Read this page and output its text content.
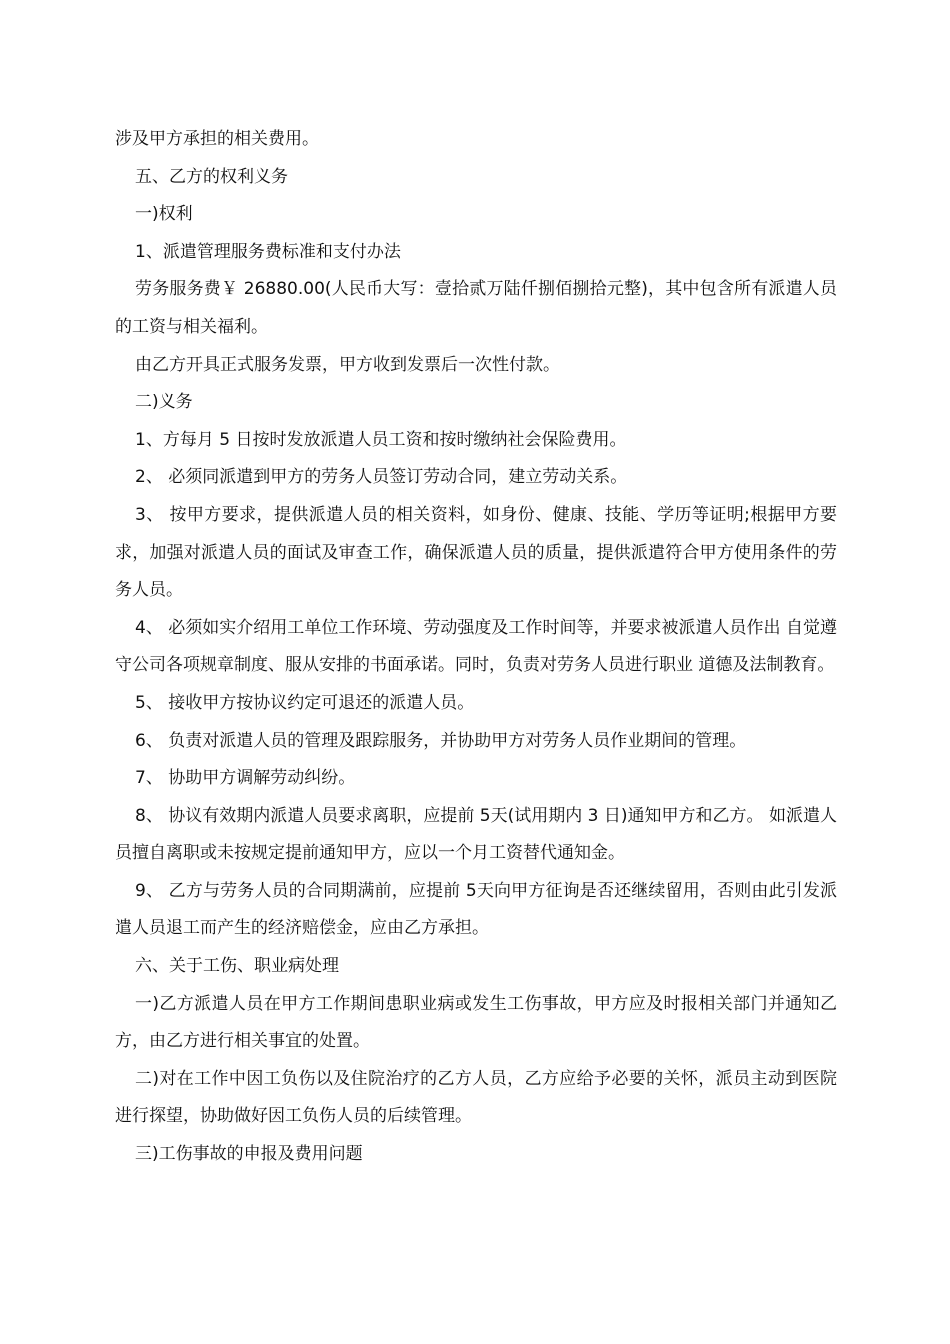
涉及甲方承担的相关费用。

五、乙方的权利义务

一)权利

1、派遣管理服务费标准和支付办法

劳务服务费￥ 26880.00(人民币大写：壹拾贰万陆仟捌佰捌拾元整)，其中包含所有派遣人员的工资与相关福利。

由乙方开具正式服务发票，甲方收到发票后一次性付款。

二)义务

1、方每月 5 日按时发放派遣人员工资和按时缴纳社会保险费用。

2、 必须同派遣到甲方的劳务人员签订劳动合同，建立劳动关系。

3、 按甲方要求，提供派遣人员的相关资料，如身份、健康、技能、学历等证明;根据甲方要求，加强对派遣人员的面试及审查工作，确保派遣人员的质量，提供派遣符合甲方使用条件的劳务人员。

4、 必须如实介绍用工单位工作环境、劳动强度及工作时间等，并要求被派遣人员作出 自觉遵守公司各项规章制度、服从安排的书面承诺。同时，负责对劳务人员进行职业 道德及法制教育。

5、 接收甲方按协议约定可退还的派遣人员。

6、 负责对派遣人员的管理及跟踪服务，并协助甲方对劳务人员作业期间的管理。

7、 协助甲方调解劳动纠纷。

8、 协议有效期内派遣人员要求离职，应提前 5天(试用期内 3 日)通知甲方和乙方。 如派遣人员擅自离职或未按规定提前通知甲方，应以一个月工资替代通知金。

9、 乙方与劳务人员的合同期满前，应提前 5天向甲方征询是否还继续留用，否则由此引发派遣人员退工而产生的经济赔偿金，应由乙方承担。

六、关于工伤、职业病处理

一)乙方派遣人员在甲方工作期间患职业病或发生工伤事故，甲方应及时报相关部门并通知乙方，由乙方进行相关事宜的处置。

二)对在工作中因工负伤以及住院治疗的乙方人员，乙方应给予必要的关怀，派员主动到医院进行探望，协助做好因工负伤人员的后续管理。

三)工伤事故的申报及费用问题
